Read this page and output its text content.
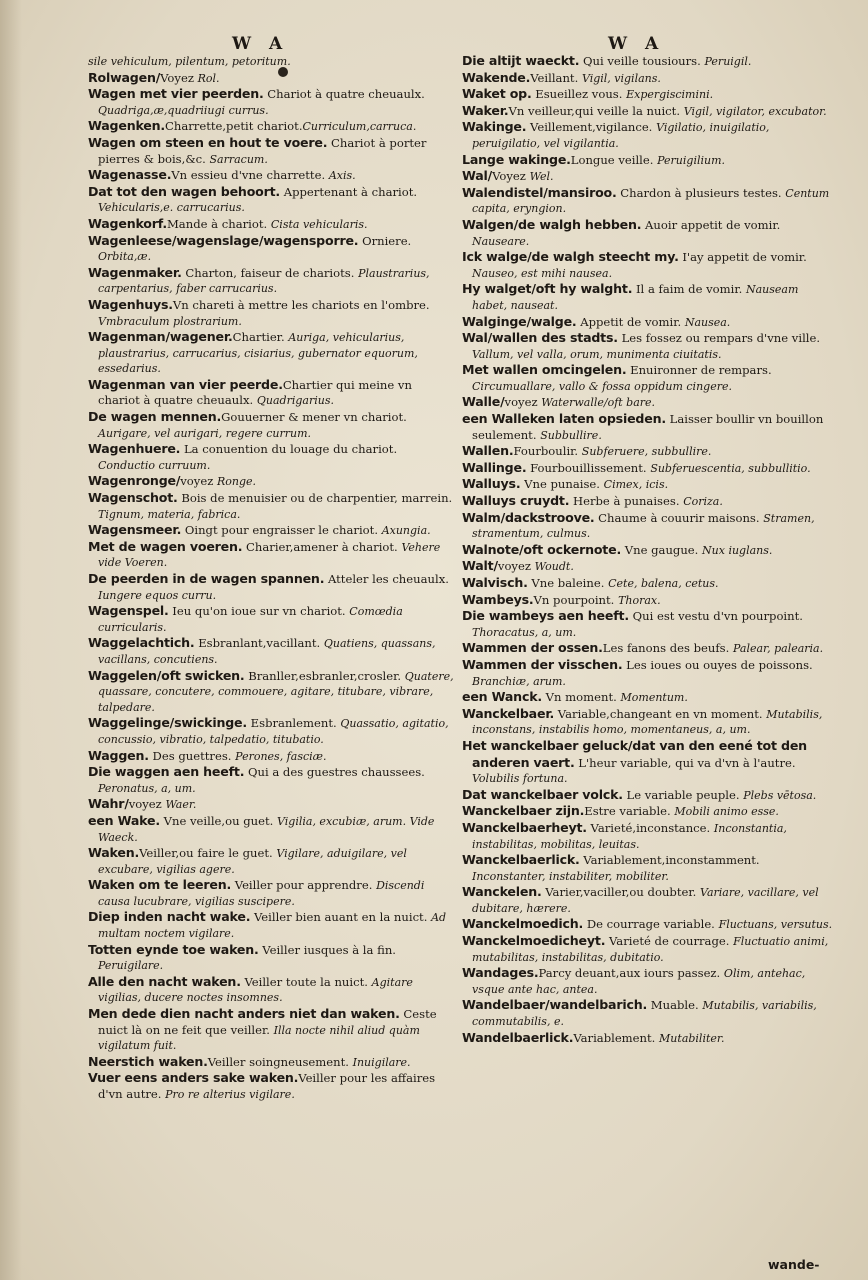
W A	W A

sile vehiculum, pilentum, petoritum.

Rolwagen/Voyez Rol.

Wagen met vier peerden. Chariot à quatre cheuaulx. Quadriga,æ,quadriiugi currus.

Wagenken.Charrette,petit chariot.Curriculum,carruca.

Wagen om steen en hout te voere. Chariot à porter pierres & bois,&c. Sarracum.

Wagenasse.Vn essieu d'vne charrette. Axis.

Dat tot den wagen behoort. Appertenant à chariot. Vehicularis,e. carrucarius.

Wagenkorf.Mande à chariot. Cista vehicularis.

Wagenleese/wagenslage/wagensporre. Orniere. Orbita,æ.

Wagenmaker. Charton, faiseur de chariots. Plaustrarius, carpentarius, faber carrucarius.

Wagenhuys.Vn chareti à mettre les chariots en l'ombre. Vmbraculum plostrarium.

Wagenman/wagener.Chartier. Auriga, vehicularius, plaustrarius, carrucarius, cisiarius, gubernator equorum, essedarius.

Wagenman van vier peerde.Chartier qui meine vn chariot à quatre cheuaulx. Quadrigarius.

De wagen mennen.Gouuerner & mener vn chariot. Aurigare, vel aurigari, regere currum.

Wagenhuere. La conuention du louage du chariot. Conductio curruum.

Wagenronge/voyez Ronge.

Wagenschot. Bois de menuisier ou de charpentier, marrein. Tignum, materia, fabrica.

Wagensmeer. Oingt pour engraisser le chariot. Axungia.

Met de wagen voeren. Charier,amener à chariot. Vehere vide Voeren.

De peerden in de wagen spannen. Atteler les cheuaulx. Iungere equos curru.

Wagenspel. Ieu qu'on ioue sur vn chariot. Comœdia curricularis.

Waggelachtich. Esbranlant,vacillant. Quatiens, quassans, vacillans, concutiens.

Waggelen/oft swicken. Branller,esbranler,crosler. Quatere, quassare, concutere, commouere, agitare, titubare, vibrare, talpedare.

Waggelinge/swickinge. Esbranlement. Quassatio, agitatio, concussio, vibratio, talpedatio, titubatio.

Waggen. Des guettres. Perones, fasciæ.

Die waggen aen heeft. Qui a des guestres chaussees. Peronatus, a, um.

Wahr/voyez Waer.

een Wake. Vne veille,ou guet. Vigilia, excubiæ, arum. Vide Waeck.

Waken.Veiller,ou faire le guet. Vigilare, aduigilare, vel excubare, vigilias agere.

Waken om te leeren. Veiller pour apprendre. Discendi causa lucubrare, vigilias suscipere.

Diep inden nacht wake. Veiller bien auant en la nuict. Ad multam noctem vigilare.

Totten eynde toe waken. Veiller iusques à la fin. Peruigilare.

Alle den nacht waken. Veiller toute la nuict. Agitare vigilias, ducere noctes insomnes.

Men dede dien nacht anders niet dan waken. Ceste nuict là on ne feit que veiller. Illa nocte nihil aliud quàm vigilatum fuit.

Neerstich waken.Veiller soingneusement. Inuigilare.

Vuer eens anders sake waken.Veiller pour les affaires d'vn autre. Pro re alterius vigilare.

Die altijt waeckt. Qui veille tousiours. Peruigil.

Wakende.Veillant. Vigil, vigilans.

Waket op. Esueillez vous. Expergiscimini.

Waker.Vn veilleur,qui veille la nuict. Vigil, vigilator, excubator.

Wakinge. Veillement,vigilance. Vigilatio, inuigilatio, peruigilatio, vel vigilantia.

Lange wakinge.Longue veille. Peruigilium.

Wal/Voyez Wel.

Walendistel/mansiroo. Chardon à plusieurs testes. Centum capita, eryngion.

Walgen/de walgh hebben. Auoir appetit de vomir. Nauseare.

Ick walge/de walgh steecht my. I'ay appetit de vomir. Nauseo, est mihi nausea.

Hy walget/oft hy walght. Il a faim de vomir. Nauseam habet, nauseat.

Walginge/walge. Appetit de vomir. Nausea.

Wal/wallen des stadts. Les fossez ou rempars d'vne ville. Vallum, vel valla, orum, munimenta ciuitatis.

Met wallen omcingelen. Enuironner de rempars. Circumuallare, vallo & fossa oppidum cingere.

Walle/voyez Waterwalle/oft bare.

een Walleken laten opsieden. Laisser boullir vn bouillon seulement. Subbullire.

Wallen.Fourboulir. Subferuere, subbullire.

Wallinge. Fourbouillissement. Subferuescentia, subbullitio.

Walluys. Vne punaise. Cimex, icis.

Walluys cruydt. Herbe à punaises. Coriza.

Walm/dackstroove. Chaume à couurir maisons. Stramen, stramentum, culmus.

Walnote/oft ockernote. Vne gaugue. Nux iuglans.

Walt/voyez Woudt.

Walvisch. Vne baleine. Cete, balena, cetus.

Wambeys.Vn pourpoint. Thorax.

Die wambeys aen heeft. Qui est vestu d'vn pourpoint. Thoracatus, a, um.

Wammen der ossen.Les fanons des beufs. Palear, palearia.

Wammen der visschen. Les ioues ou ouyes de poissons. Branchiæ, arum.

een Wanck. Vn moment. Momentum.

Wanckelbaer. Variable,changeant en vn moment. Mutabilis, inconstans, instabilis homo, momentaneus, a, um.

Het wanckelbaer geluck/dat van den eené tot den anderen vaert. L'heur variable, qui va d'vn à l'autre. Volubilis fortuna.

Dat wanckelbaer volck. Le variable peuple. Plebs vētosa.

Wanckelbaer zijn.Estre variable. Mobili animo esse.

Wanckelbaerheyt. Varieté,inconstance. Inconstantia, instabilitas, mobilitas, leuitas.

Wanckelbaerlick. Variablement,inconstamment. Inconstanter, instabiliter, mobiliter.

Wanckelen. Varier,vaciller,ou doubter. Variare, vacillare, vel dubitare, hærere.

Wanckelmoedich. De courrage variable. Fluctuans, versutus.

Wanckelmoedicheyt. Varieté de courrage. Fluctuatio animi, mutabilitas, instabilitas, dubitatio.

Wandages.Parcy deuant,aux iours passez. Olim, antehac, vsque ante hac, antea.

Wandelbaer/wandelbarich. Muable. Mutabilis, variabilis, commutabilis, e.

Wandelbaerlick.Variablement. Mutabiliter.

wande-
